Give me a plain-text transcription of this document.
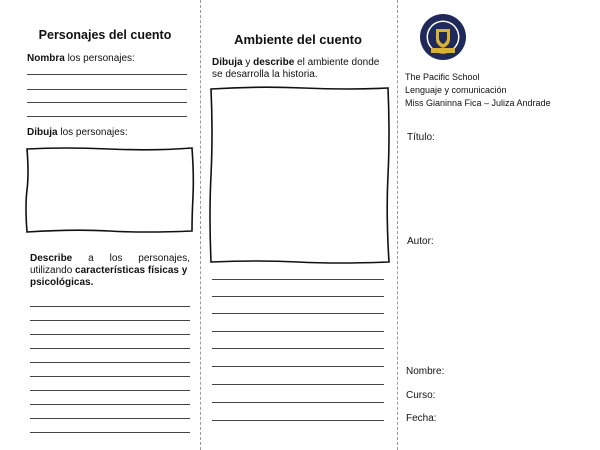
Personajes del cuento
Nombra los personajes:
Dibuja los personajes:
Describe a los personajes,
utilizando características físicas y
psicológicas.
Ambiente del cuento
Dibuja y describe el ambiente donde
se desarrolla la historia.	The Pacific School
Lenguaje y comunicación
Miss Gianinna Fica – Juliza Andrade
Título:
Autor:
Nombre:
Curso:
Fecha:
